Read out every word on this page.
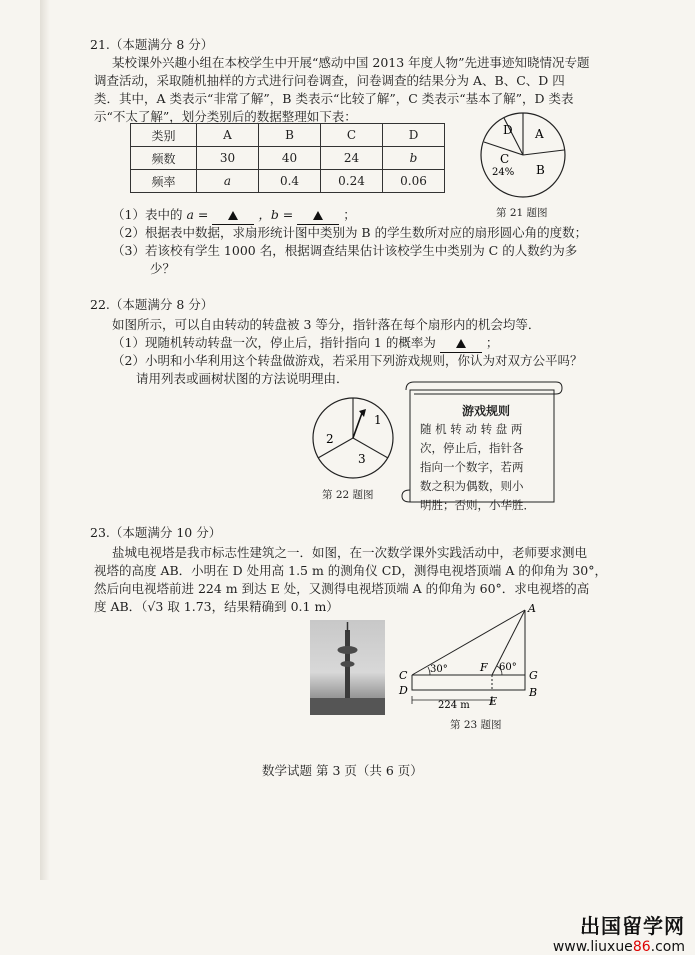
21.（本题满分 8 分）
某校课外兴趣小组在本校学生中开展“感动中国 2013 年度人物”先进事迹知晓情况专题
调查活动，采取随机抽样的方式进行问卷调查，问卷调查的结果分为 A、B、C、D 四
类．其中，A 类表示“非常了解”，B 类表示“比较了解”，C 类表示“基本了解”，D 类表
示“不太了解”，划分类别后的数据整理如下表：
类别	A	B	C	D
频数	30	40	24	b
频率	a	0.4	0.24	0.06
A
B
C
24%
D
第 21 题图
（1）表中的 a =	，b =	；
（2）根据表中数据，求扇形统计图中类别为 B 的学生数所对应的扇形圆心角的度数；
（3）若该校有学生 1000 名，根据调查结果估计该校学生中类别为 C 的人数约为多
少？
22.（本题满分 8 分）
如图所示，可以自由转动的转盘被 3 等分，指针落在每个扇形内的机会均等．
（1）现随机转动转盘一次，停止后，指针指向 1 的概率为	；
（2）小明和小华利用这个转盘做游戏，若采用下列游戏规则，你认为对双方公平吗？
请用列表或画树状图的方法说明理由．
1
2
3
第 22 题图
游戏规则
随 机 转 动 转 盘 两
次，停止后，指针各
指向一个数字，若两
数之积为偶数，则小
明胜；否则，小华胜．
23.（本题满分 10 分）
盐城电视塔是我市标志性建筑之一．如图，在一次数学课外实践活动中，老师要求测电
视塔的高度 AB．小明在 D 处用高 1.5 m 的测角仪 CD，测得电视塔顶端 A 的仰角为 30°，
然后向电视塔前进 224 m 到达 E 处，又测得电视塔顶端 A 的仰角为 60°．求电视塔的高
度 AB．（√3 取 1.73，结果精确到 0.1 m）	A
B
C
D
E
F
G
30°	60°
224 m
第 23 题图
数学试题 第 3 页（共 6 页）
出国留学网
www.liuxue86.com
